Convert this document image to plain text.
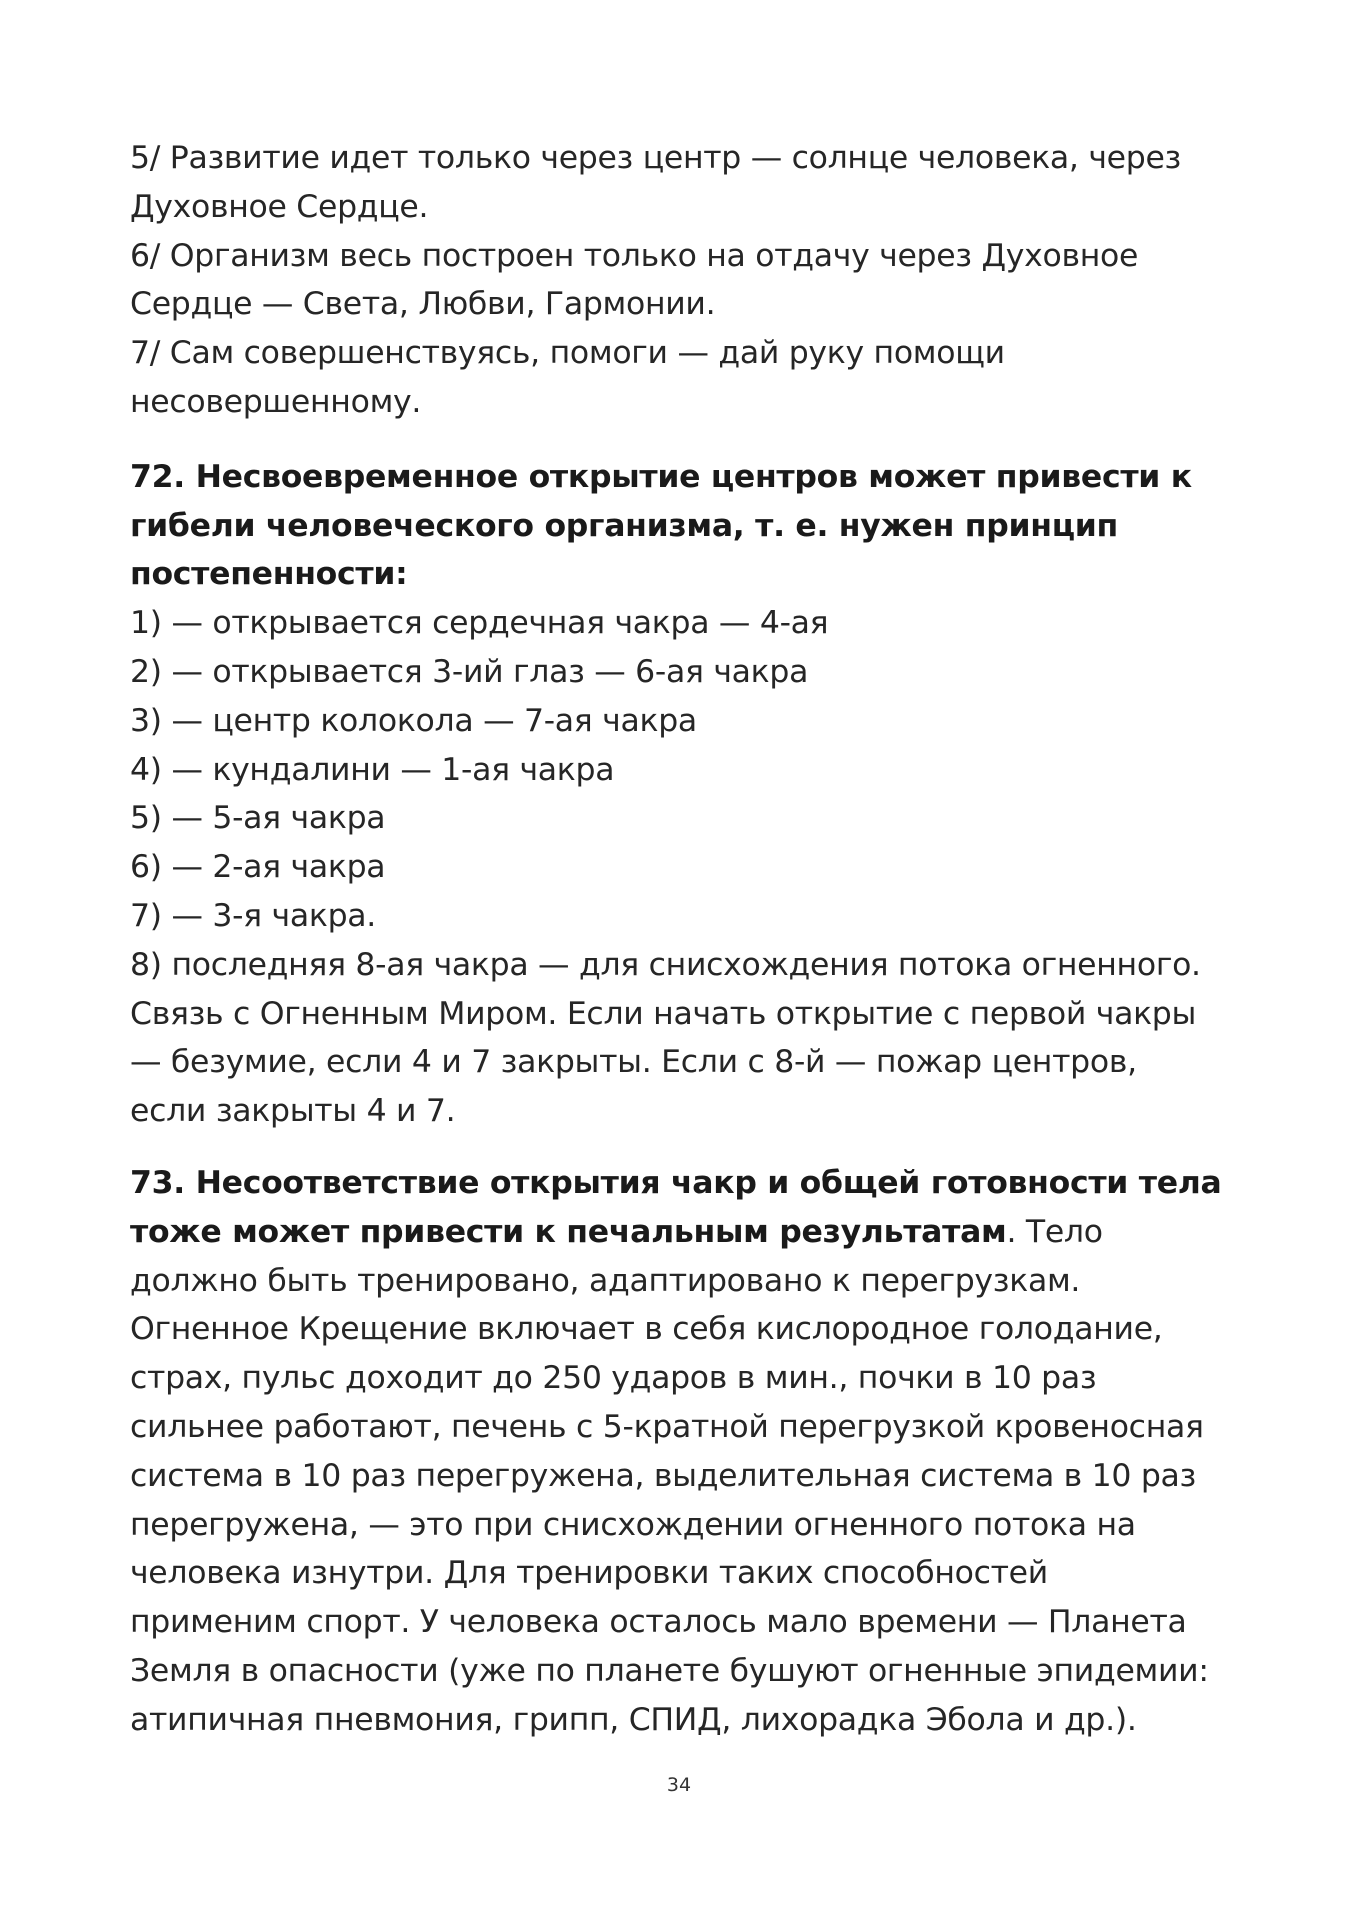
5/ Развитие идет только через центр — солнце человека, через
Духовное Сердце.
6/ Организм весь построен только на отдачу через Духовное
Сердце — Света, Любви, Гармонии.
7/ Сам совершенствуясь, помоги — дай руку помощи
несовершенному.
72. Несвоевременное открытие центров может привести к
гибели человеческого организма, т. е. нужен принцип
постепенности:
1) — открывается сердечная чакра — 4-ая
2) — открывается 3-ий глаз — 6-ая чакра
3) — центр колокола — 7-ая чакра
4) — кундалини — 1-ая чакра
5) — 5-ая чакра
6) — 2-ая чакра
7) — 3-я чакра.
8) последняя 8-ая чакра — для снисхождения потока огненного.
Связь с Огненным Миром. Если начать открытие с первой чакры
— безумие, если 4 и 7 закрыты. Если с 8-й — пожар центров,
если закрыты 4 и 7.
73. Несоответствие открытия чакр и общей готовности тела
тоже может привести к печальным результатам. Тело
должно быть тренировано, адаптировано к перегрузкам.
Огненное Крещение включает в себя кислородное голодание,
страх, пульс доходит до 250 ударов в мин., почки в 10 раз
сильнее работают, печень с 5-кратной перегрузкой кровеносная
система в 10 раз перегружена, выделительная система в 10 раз
перегружена, — это при снисхождении огненного потока на
человека изнутри. Для тренировки таких способностей
применим спорт. У человека осталось мало времени — Планета
Земля в опасности (уже по планете бушуют огненные эпидемии:
атипичная пневмония, грипп, СПИД, лихорадка Эбола и др.).
34
